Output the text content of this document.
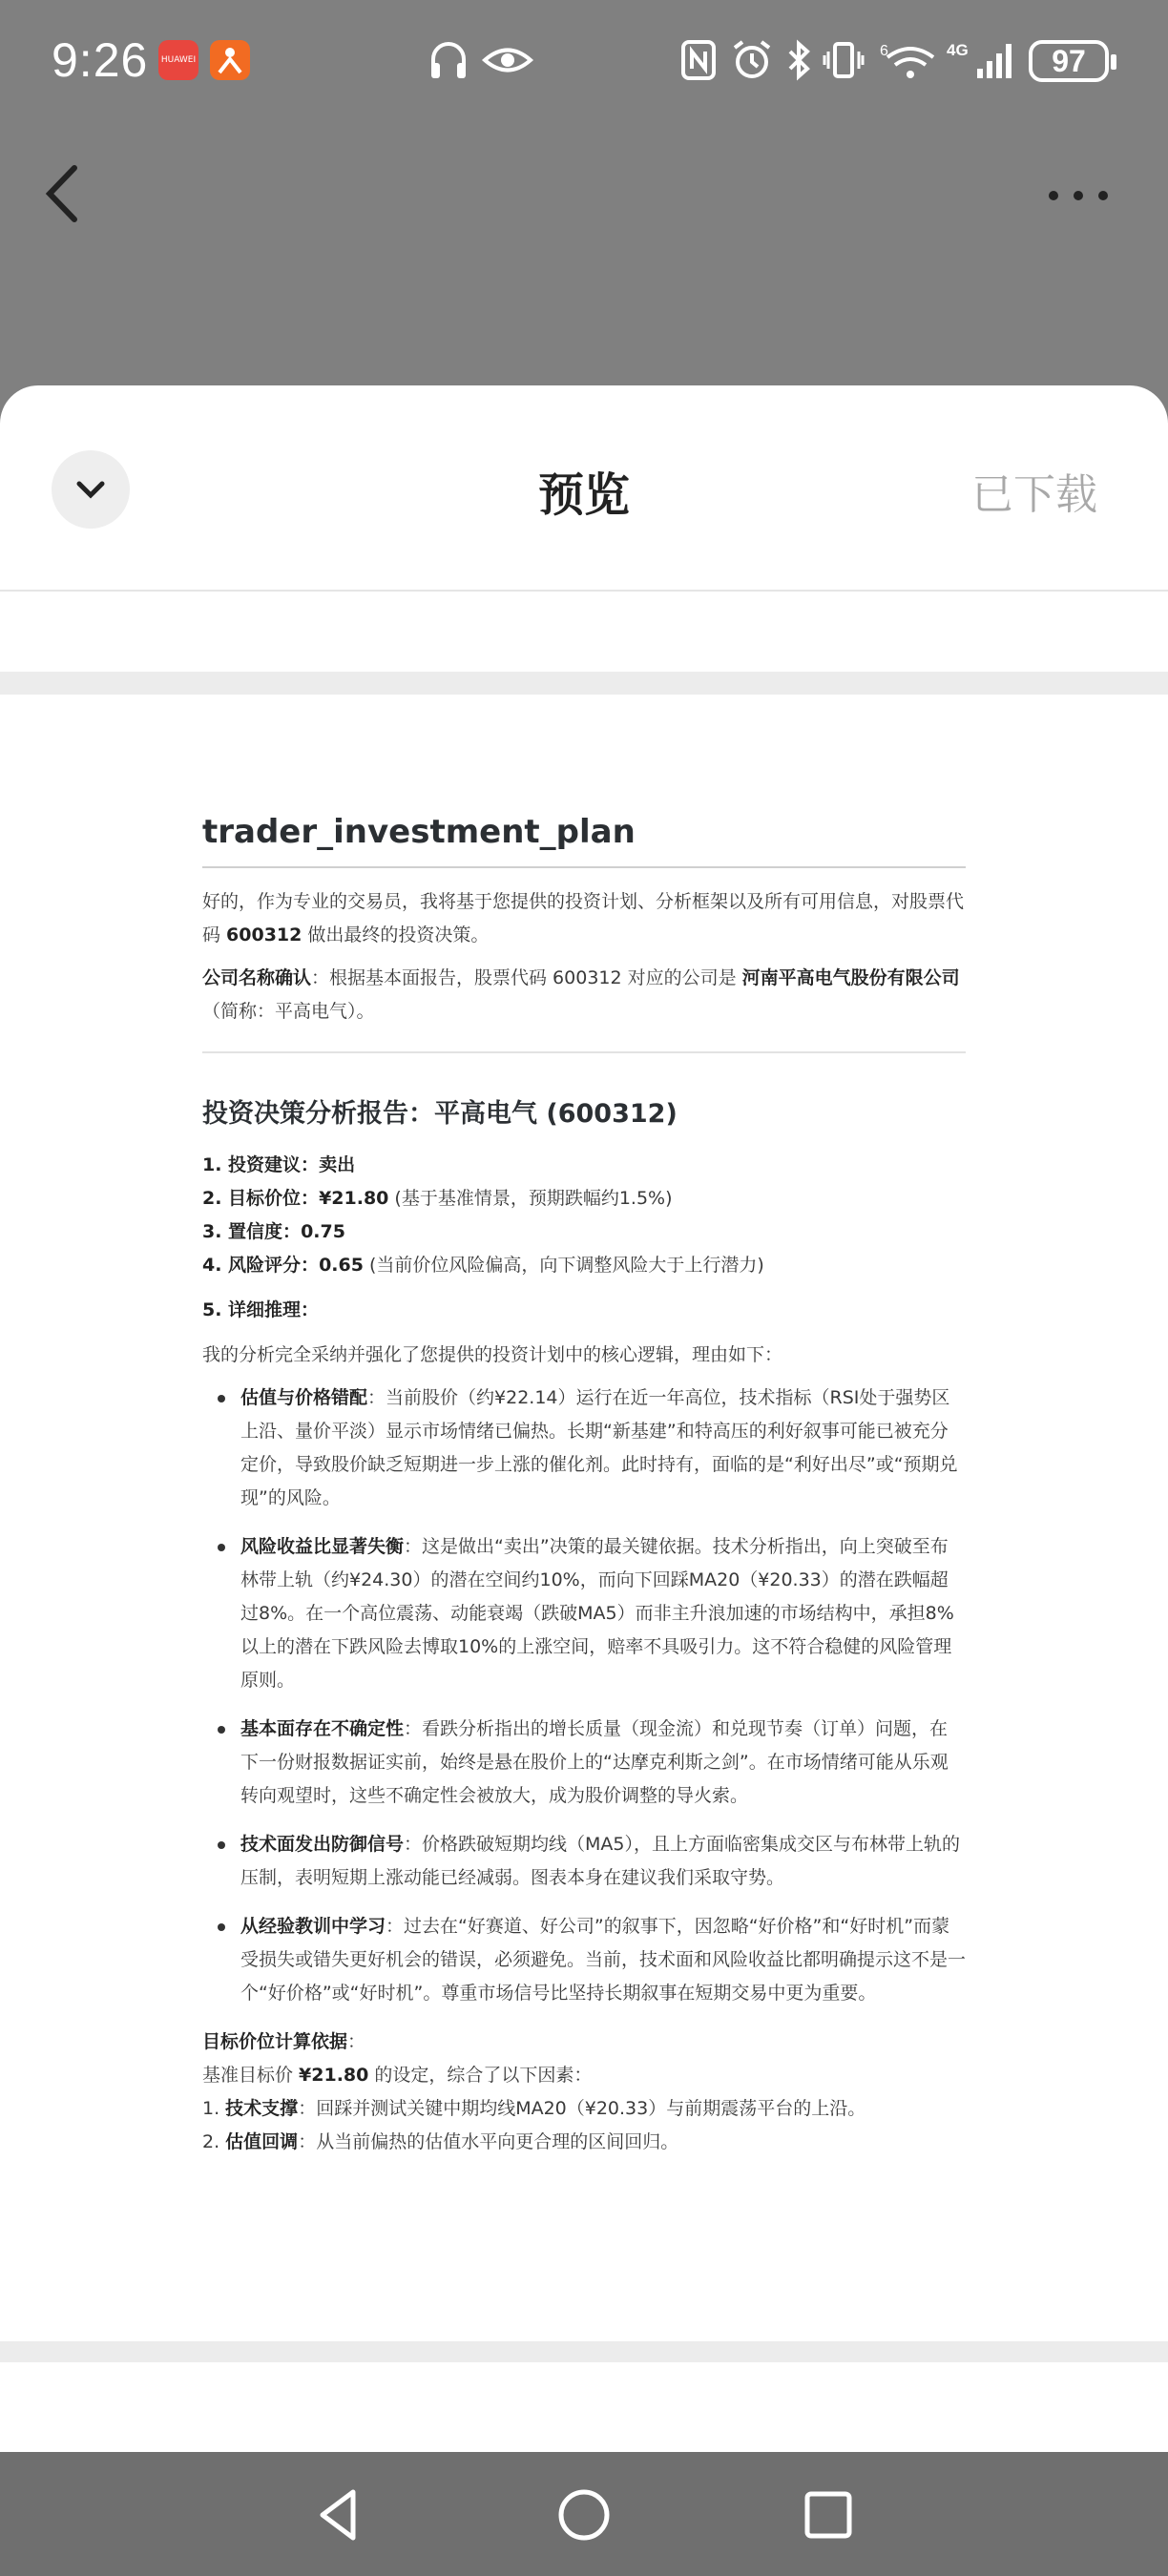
9:26	HUAWEI
6	4G	97
预览	已下载
trader_investment_plan
好的，作为专业的交易员，我将基于您提供的投资计划、分析框架以及所有可用信息，对股票代码 600312 做出最终的投资决策。
公司名称确认：根据基本面报告，股票代码 600312 对应的公司是 河南平高电气股份有限公司（简称：平高电气）。
投资决策分析报告：平高电气 (600312)
1. 投资建议：卖出
2. 目标价位：¥21.80 (基于基准情景，预期跌幅约1.5%)
3. 置信度：0.75
4. 风险评分：0.65 (当前价位风险偏高，向下调整风险大于上行潜力)
5. 详细推理：
我的分析完全采纳并强化了您提供的投资计划中的核心逻辑，理由如下：
估值与价格错配：当前股价（约¥22.14）运行在近一年高位，技术指标（RSI处于强势区上沿、量价平淡）显示市场情绪已偏热。长期“新基建”和特高压的利好叙事可能已被充分定价，导致股价缺乏短期进一步上涨的催化剂。此时持有，面临的是“利好出尽”或“预期兑现”的风险。
风险收益比显著失衡：这是做出“卖出”决策的最关键依据。技术分析指出，向上突破至布林带上轨（约¥24.30）的潜在空间约10%，而向下回踩MA20（¥20.33）的潜在跌幅超过8%。在一个高位震荡、动能衰竭（跌破MA5）而非主升浪加速的市场结构中，承担8%以上的潜在下跌风险去博取10%的上涨空间，赔率不具吸引力。这不符合稳健的风险管理原则。
基本面存在不确定性：看跌分析指出的增长质量（现金流）和兑现节奏（订单）问题，在下一份财报数据证实前，始终是悬在股价上的“达摩克利斯之剑”。在市场情绪可能从乐观转向观望时，这些不确定性会被放大，成为股价调整的导火索。
技术面发出防御信号：价格跌破短期均线（MA5），且上方面临密集成交区与布林带上轨的压制，表明短期上涨动能已经减弱。图表本身在建议我们采取守势。
从经验教训中学习：过去在“好赛道、好公司”的叙事下，因忽略“好价格”和“好时机”而蒙受损失或错失更好机会的错误，必须避免。当前，技术面和风险收益比都明确提示这不是一个“好价格”或“好时机”。尊重市场信号比坚持长期叙事在短期交易中更为重要。
目标价位计算依据：
基准目标价 ¥21.80 的设定，综合了以下因素：
1. 技术支撑：回踩并测试关键中期均线MA20（¥20.33）与前期震荡平台的上沿。
2. 估值回调：从当前偏热的估值水平向更合理的区间回归。
